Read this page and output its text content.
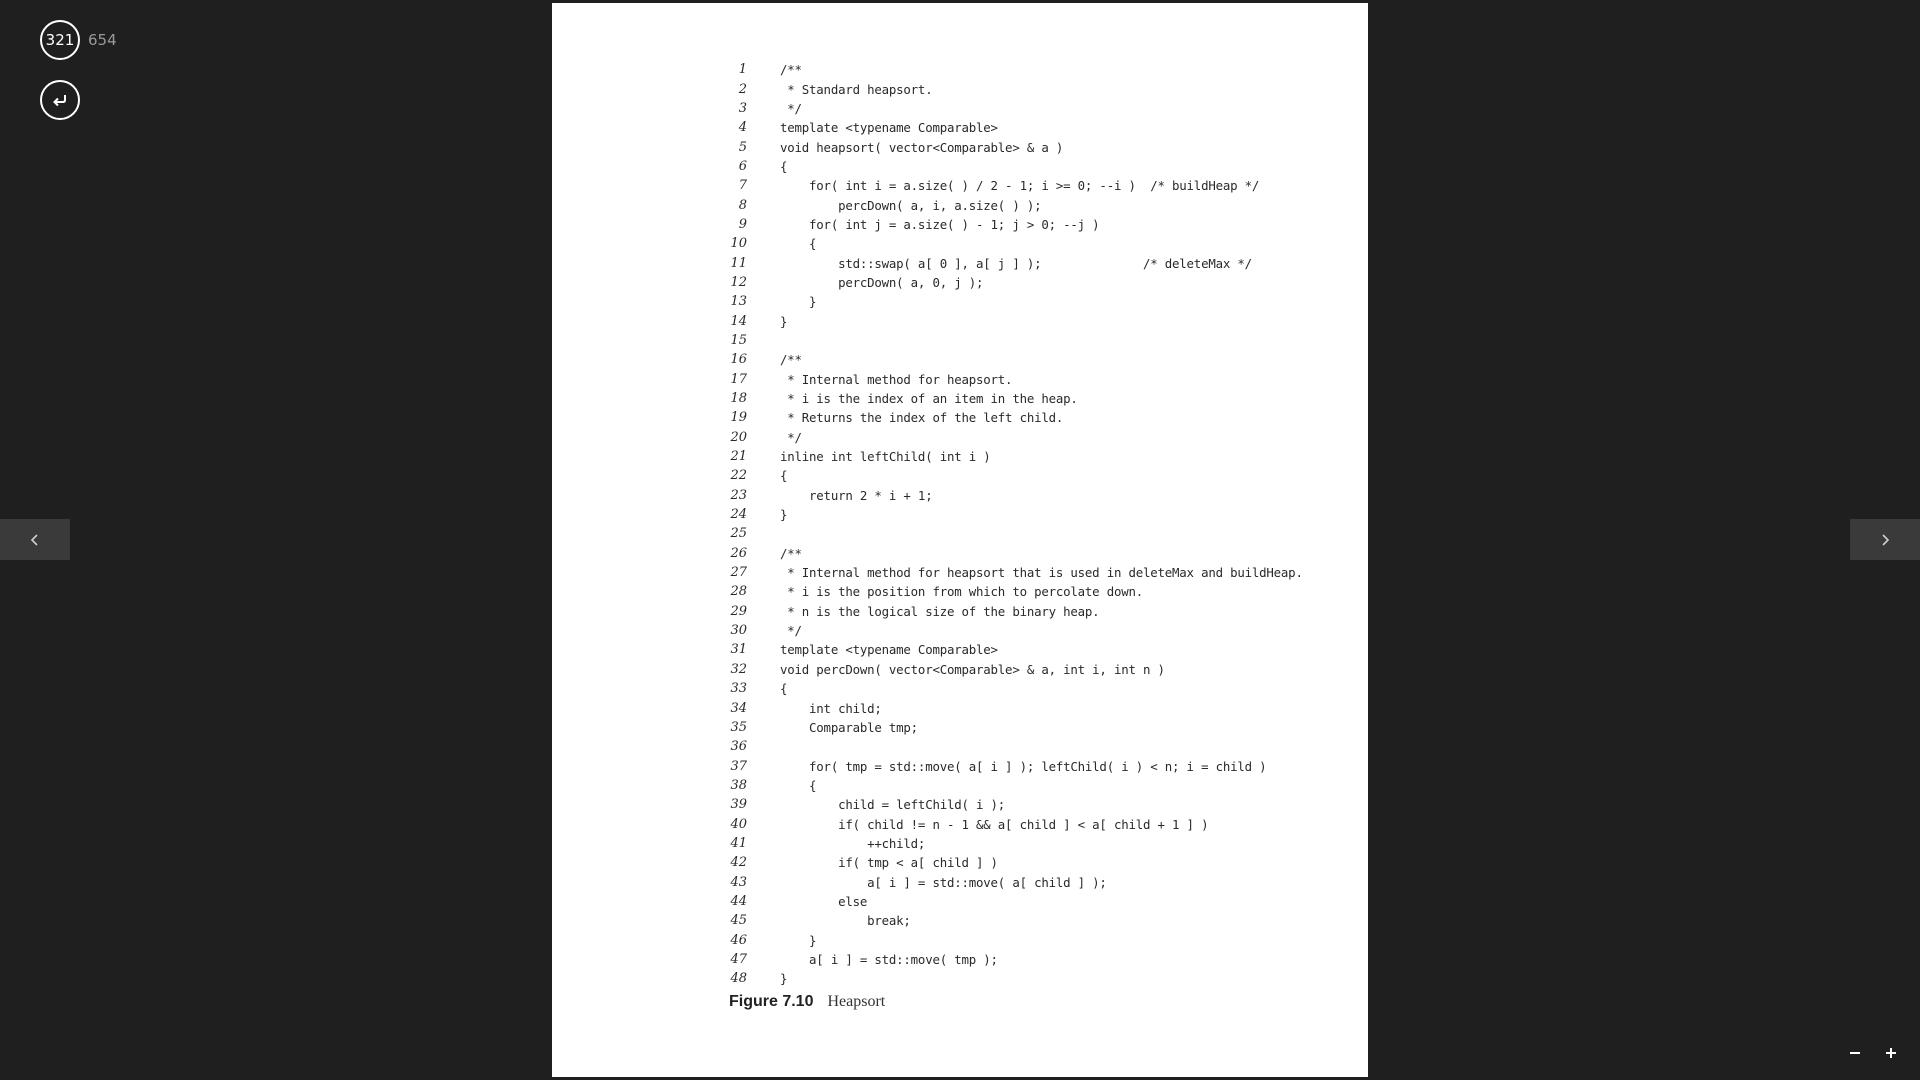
321 654
1	/**
2	* Standard heapsort.
3	*/
4	template <typename Comparable>
5	void heapsort( vector<Comparable> & a )
6	{
7	for( int i = a.size( ) / 2 - 1; i >= 0; --i )  /* buildHeap */
8	percDown( a, i, a.size( ) );
9	for( int j = a.size( ) - 1; j > 0; --j )
10	{
11	std::swap( a[ 0 ], a[ j ] );              /* deleteMax */
12	percDown( a, 0, j );
13	}
14	}
15
16	/**
17	* Internal method for heapsort.
18	* i is the index of an item in the heap.
19	* Returns the index of the left child.
20	*/
21	inline int leftChild( int i )
22	{
23	return 2 * i + 1;
24	}
25
26	/**
27	* Internal method for heapsort that is used in deleteMax and buildHeap.
28	* i is the position from which to percolate down.
29	* n is the logical size of the binary heap.
30	*/
31	template <typename Comparable>
32	void percDown( vector<Comparable> & a, int i, int n )
33	{
34	int child;
35	Comparable tmp;
36
37	for( tmp = std::move( a[ i ] ); leftChild( i ) < n; i = child )
38	{
39	child = leftChild( i );
40	if( child != n - 1 && a[ child ] < a[ child + 1 ] )
41	++child;
42	if( tmp < a[ child ] )
43	a[ i ] = std::move( a[ child ] );
44	else
45	break;
46	}
47	a[ i ] = std::move( tmp );
48	}
Figure 7.10 Heapsort
